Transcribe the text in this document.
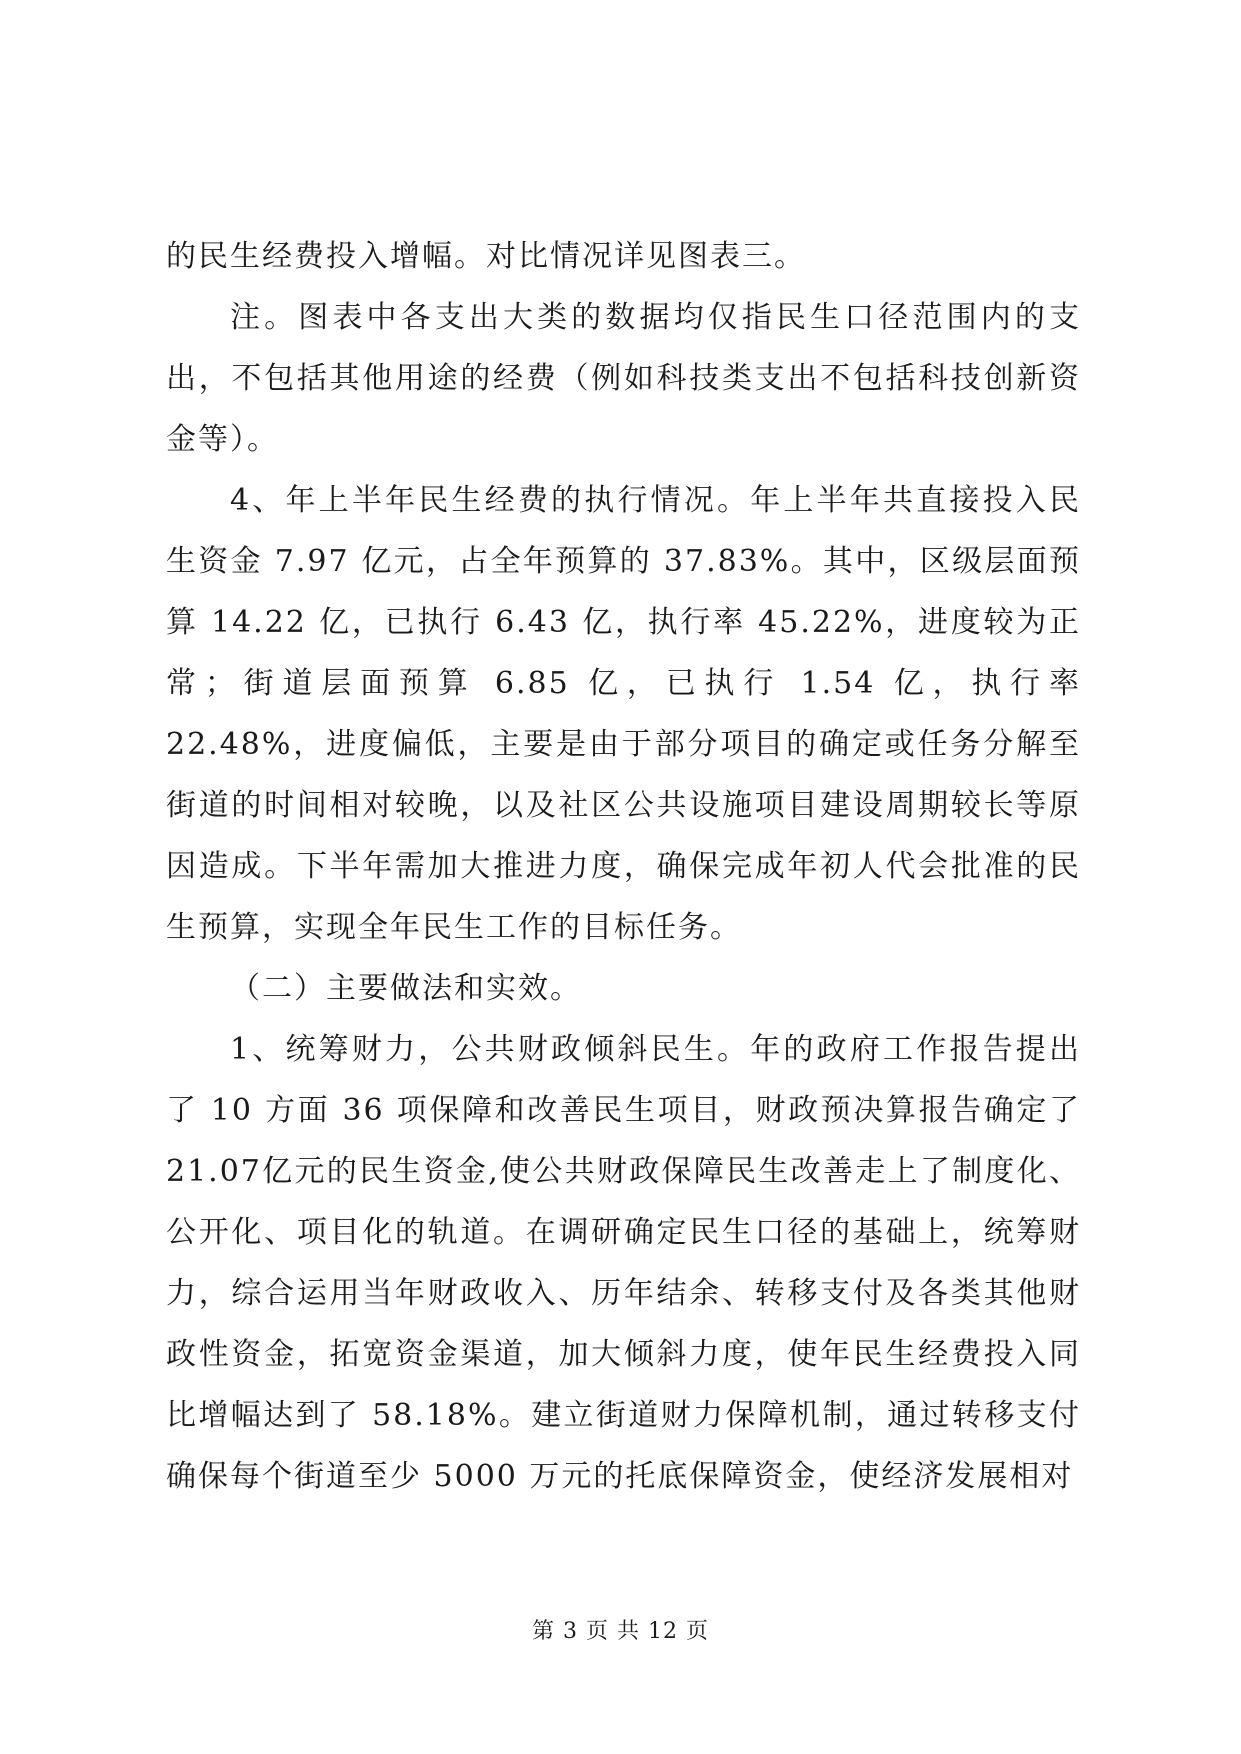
的民生经费投入增幅。对比情况详见图表三。

注。图表中各支出大类的数据均仅指民生口径范围内的支出，不包括其他用途的经费（例如科技类支出不包括科技创新资金等）。

4、年上半年民生经费的执行情况。年上半年共直接投入民生资金 7.97 亿元，占全年预算的 37.83%。其中，区级层面预算 14.22 亿，已执行 6.43 亿，执行率 45.22%，进度较为正常；街道层面预算 6.85 亿，已执行 1.54 亿，执行率 22.48%，进度偏低，主要是由于部分项目的确定或任务分解至街道的时间相对较晚，以及社区公共设施项目建设周期较长等原因造成。下半年需加大推进力度，确保完成年初人代会批准的民生预算，实现全年民生工作的目标任务。

（二）主要做法和实效。

1、统筹财力，公共财政倾斜民生。年的政府工作报告提出了 10 方面 36 项保障和改善民生项目，财政预决算报告确定了 21.07亿元的民生资金,使公共财政保障民生改善走上了制度化、公开化、项目化的轨道。在调研确定民生口径的基础上，统筹财力，综合运用当年财政收入、历年结余、转移支付及各类其他财政性资金，拓宽资金渠道，加大倾斜力度，使年民生经费投入同比增幅达到了 58.18%。建立街道财力保障机制，通过转移支付确保每个街道至少 5000 万元的托底保障资金，使经济发展相对

第 3 页 共 12 页
